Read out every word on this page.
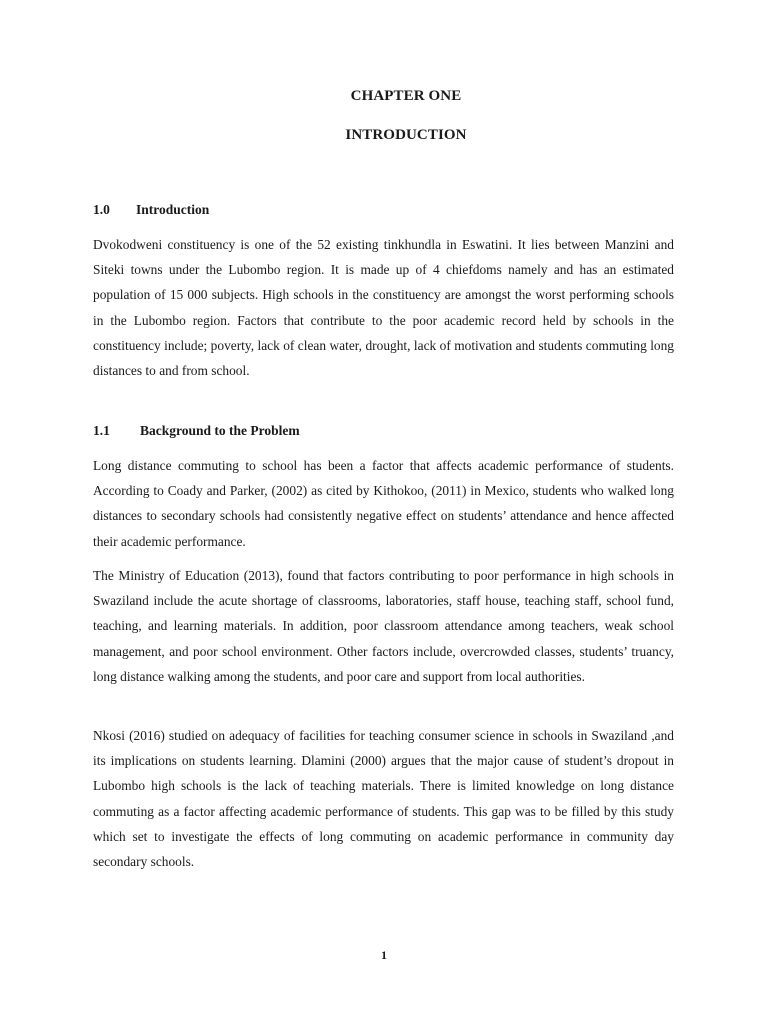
CHAPTER ONE
INTRODUCTION
1.0 Introduction

Dvokodweni constituency is one of the 52 existing tinkhundla in Eswatini. It lies between Manzini and Siteki towns under the Lubombo region. It is made up of 4 chiefdoms namely and has an estimated population of 15 000 subjects. High schools in the constituency are amongst the worst performing schools in the Lubombo region. Factors that contribute to the poor academic record held by schools in the constituency include; poverty, lack of clean water, drought, lack of motivation and students commuting long distances to and from school.

1.1 Background to the Problem

Long distance commuting to school has been a factor that affects academic performance of students. According to Coady and Parker, (2002) as cited by Kithokoo, (2011) in Mexico, students who walked long distances to secondary schools had consistently negative effect on students’ attendance and hence affected their academic performance.

The Ministry of Education (2013), found that factors contributing to poor performance in high schools in Swaziland include the acute shortage of classrooms, laboratories, staff house, teaching staff, school fund, teaching, and learning materials. In addition, poor classroom attendance among teachers, weak school management, and poor school environment. Other factors include, overcrowded classes, students’ truancy, long distance walking among the students, and poor care and support from local authorities.

Nkosi (2016) studied on adequacy of facilities for teaching consumer science in schools in Swaziland ,and its implications on students learning. Dlamini (2000) argues that the major cause of student’s dropout in Lubombo high schools is the lack of teaching materials. There is limited knowledge on long distance commuting as a factor affecting academic performance of students. This gap was to be filled by this study which set to investigate the effects of long commuting on academic performance in community day secondary schools.

1
